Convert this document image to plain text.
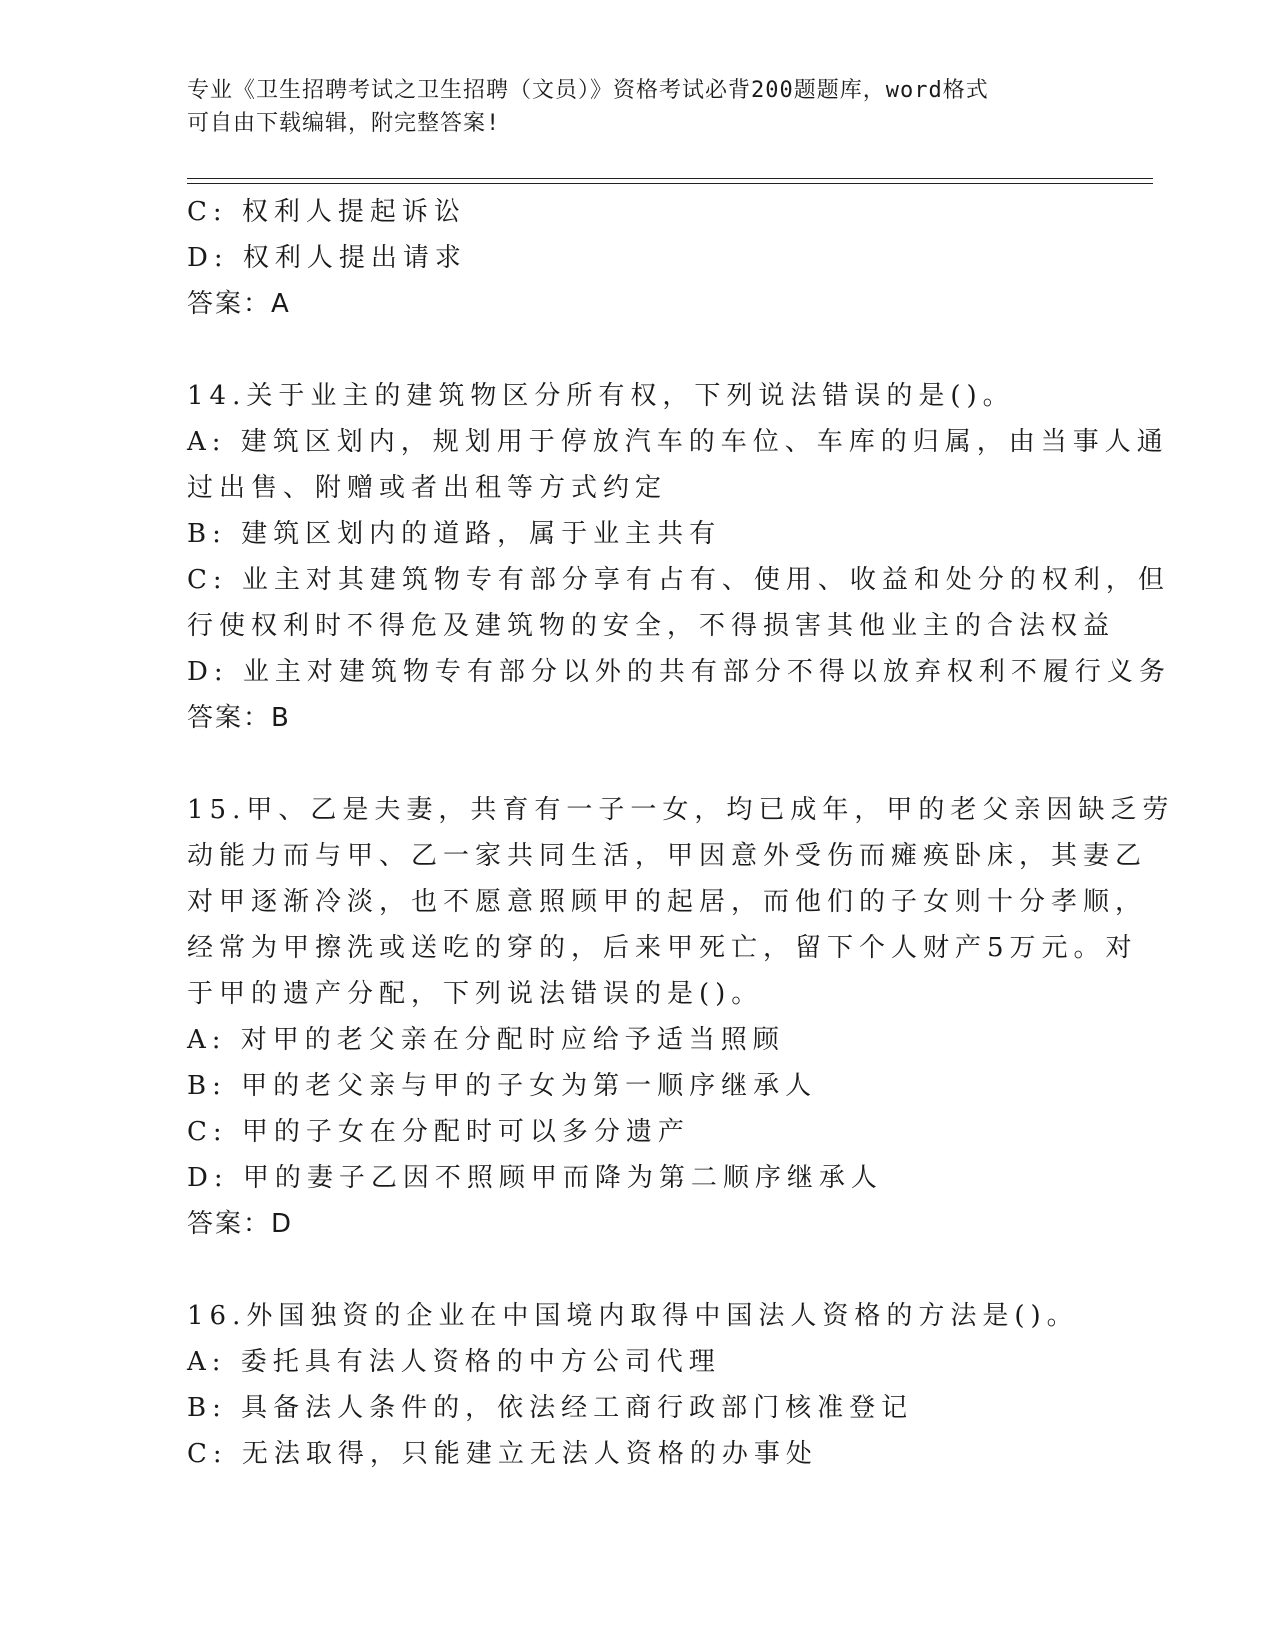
专业《卫生招聘考试之卫生招聘（文员）》资格考试必背200题题库，word格式
可自由下载编辑，附完整答案!
C: 权利人提起诉讼
D: 权利人提出请求
答案：A
14.关于业主的建筑物区分所有权，下列说法错误的是()。
A: 建筑区划内，规划用于停放汽车的车位、车库的归属，由当事人通
过出售、附赠或者出租等方式约定
B: 建筑区划内的道路，属于业主共有
C: 业主对其建筑物专有部分享有占有、使用、收益和处分的权利，但
行使权利时不得危及建筑物的安全，不得损害其他业主的合法权益
D: 业主对建筑物专有部分以外的共有部分不得以放弃权利不履行义务
答案：B
15.甲、乙是夫妻，共育有一子一女，均已成年，甲的老父亲因缺乏劳
动能力而与甲、乙一家共同生活，甲因意外受伤而瘫痪卧床，其妻乙
对甲逐渐冷淡，也不愿意照顾甲的起居，而他们的子女则十分孝顺，
经常为甲擦洗或送吃的穿的，后来甲死亡，留下个人财产5万元。对
于甲的遗产分配，下列说法错误的是()。
A: 对甲的老父亲在分配时应给予适当照顾
B: 甲的老父亲与甲的子女为第一顺序继承人
C: 甲的子女在分配时可以多分遗产
D: 甲的妻子乙因不照顾甲而降为第二顺序继承人
答案：D
16.外国独资的企业在中国境内取得中国法人资格的方法是()。
A: 委托具有法人资格的中方公司代理
B: 具备法人条件的，依法经工商行政部门核准登记
C: 无法取得，只能建立无法人资格的办事处
